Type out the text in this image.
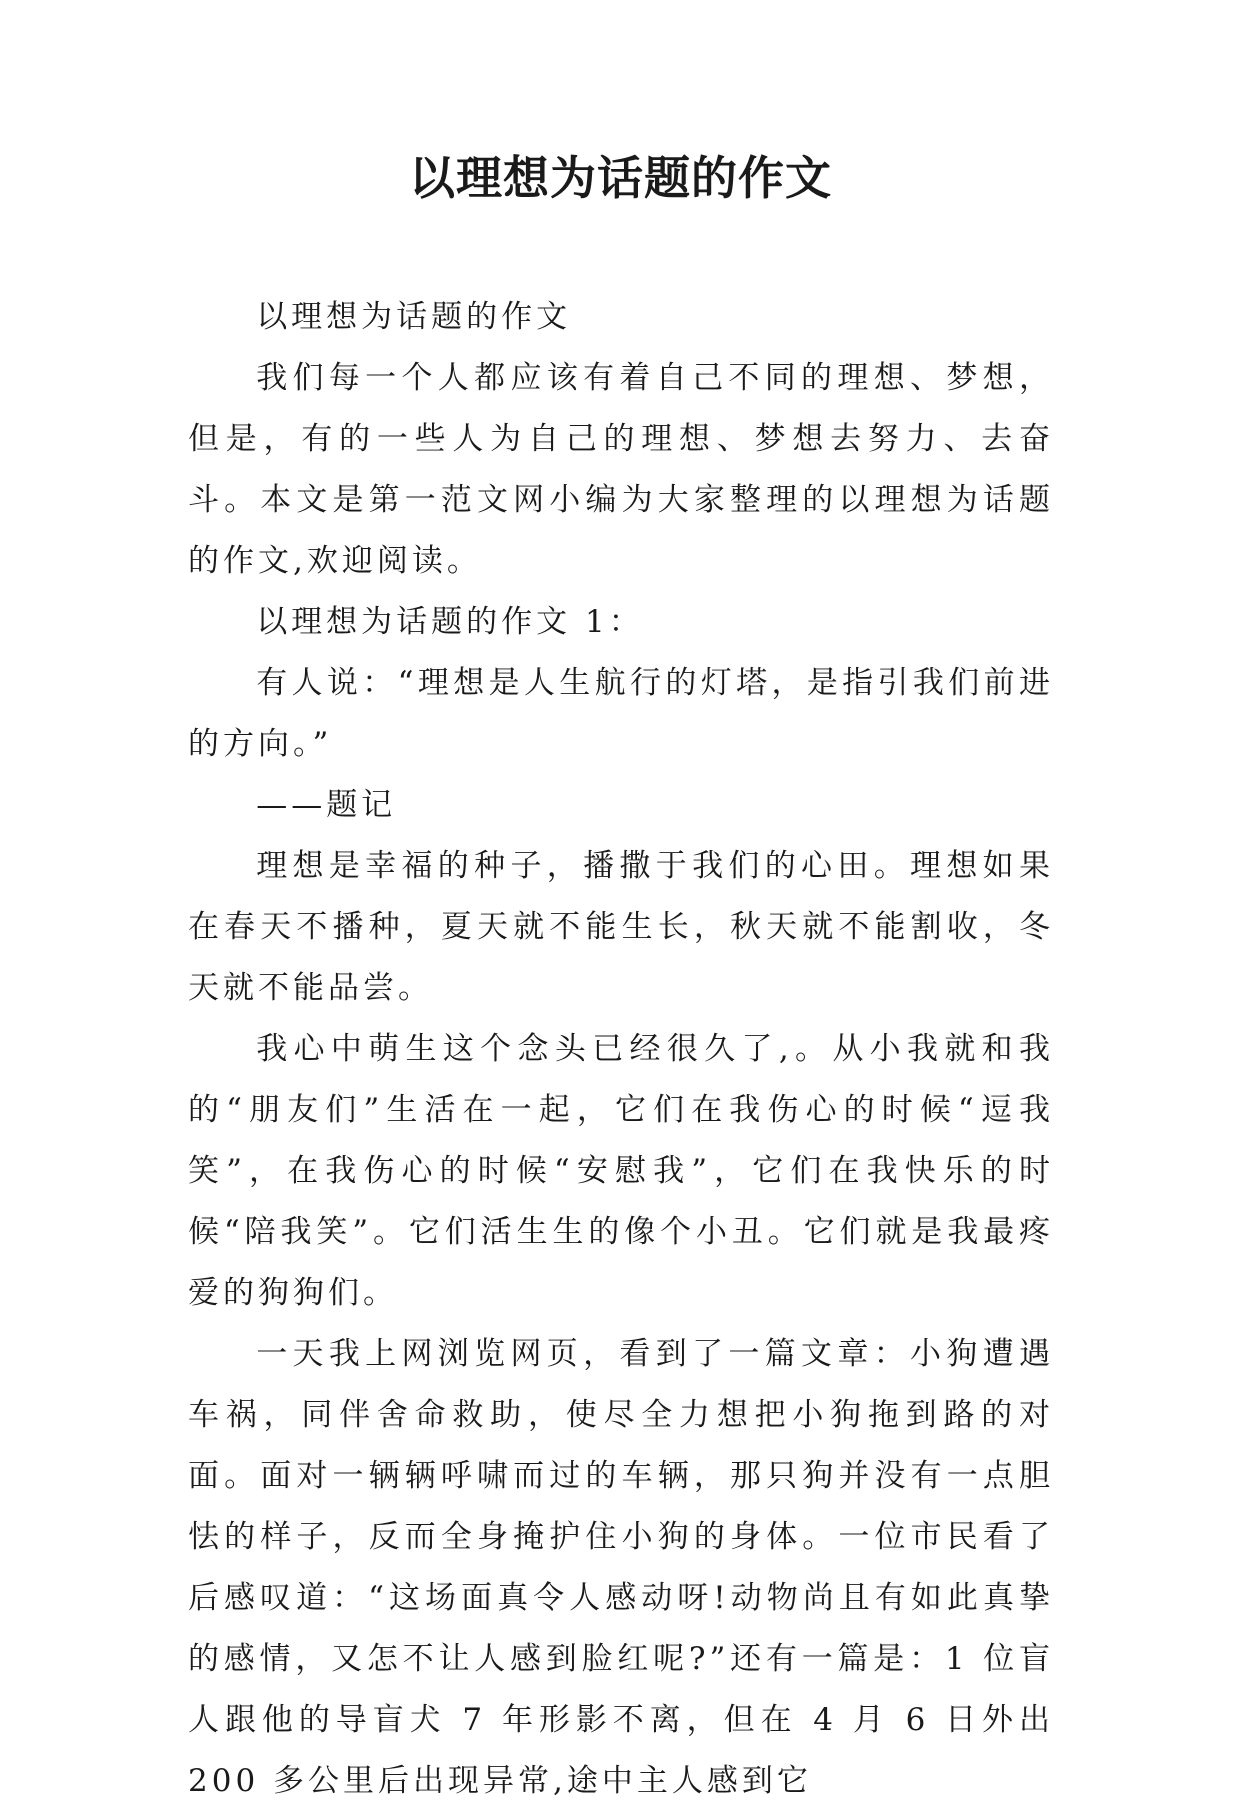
以理想为话题的作文

以理想为话题的作文

我们每一个人都应该有着自己不同的理想、梦想，但是，有的一些人为自己的理想、梦想去努力、去奋斗。本文是第一范文网小编为大家整理的以理想为话题的作文,欢迎阅读。

以理想为话题的作文 1：

有人说：“理想是人生航行的灯塔，是指引我们前进的方向。”

——题记

理想是幸福的种子，播撒于我们的心田。理想如果在春天不播种，夏天就不能生长，秋天就不能割收，冬天就不能品尝。

我心中萌生这个念头已经很久了,。从小我就和我的“朋友们”生活在一起，它们在我伤心的时候“逗我笑”，在我伤心的时候“安慰我”，它们在我快乐的时候“陪我笑”。它们活生生的像个小丑。它们就是我最疼爱的狗狗们。

一天我上网浏览网页，看到了一篇文章：小狗遭遇车祸，同伴舍命救助，使尽全力想把小狗拖到路的对面。面对一辆辆呼啸而过的车辆，那只狗并没有一点胆怯的样子，反而全身掩护住小狗的身体。一位市民看了后感叹道：“这场面真令人感动呀!动物尚且有如此真挚的感情，又怎不让人感到脸红呢?”还有一篇是：1 位盲人跟他的导盲犬 7 年形影不离，但在 4 月 6 日外出 200 多公里后出现异常,途中主人感到它
